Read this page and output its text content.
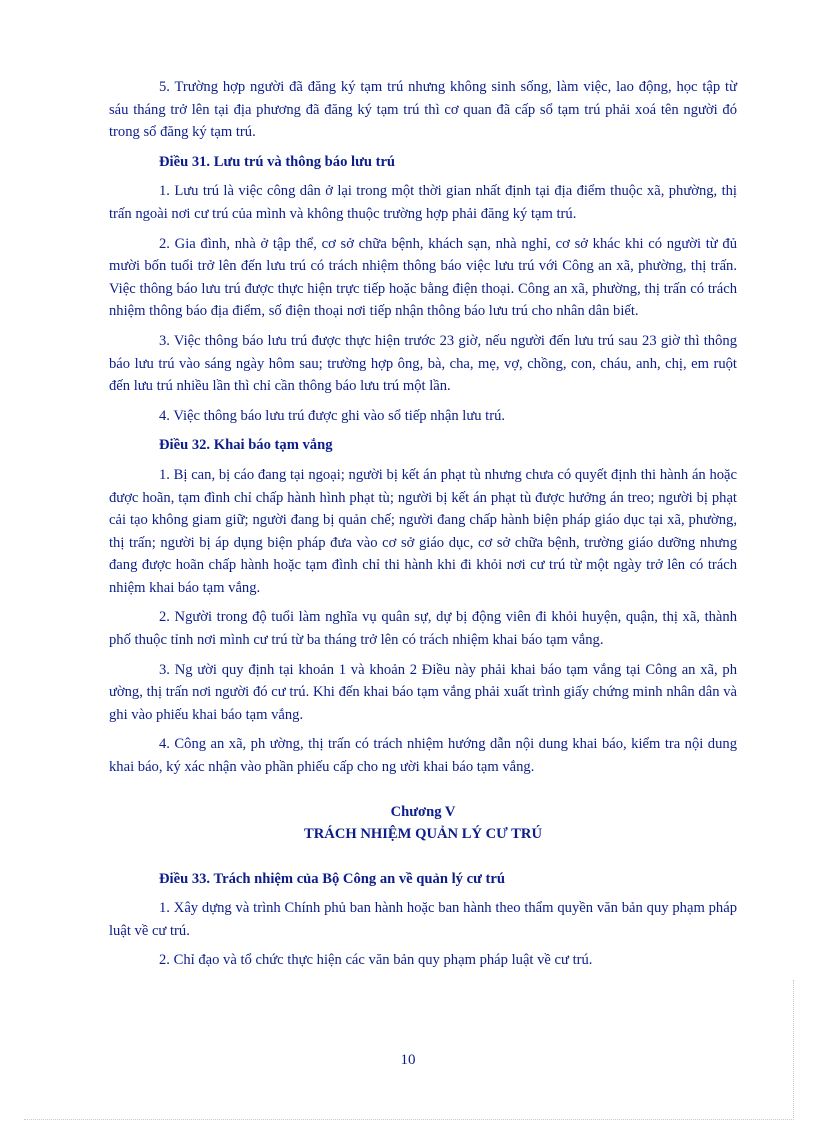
5. Trường hợp người đã đăng ký tạm trú nhưng không sinh sống, làm việc, lao động, học tập từ sáu tháng trở lên tại địa phương đã đăng ký tạm trú thì cơ quan đã cấp sổ tạm trú phải xoá tên người đó trong sổ đăng ký tạm trú.

Điều 31. Lưu trú và thông báo lưu trú

1. Lưu trú là việc công dân ở lại trong một thời gian nhất định tại địa điểm thuộc xã, phường, thị trấn ngoài nơi cư trú của mình và không thuộc trường hợp phải đăng ký tạm trú.

2. Gia đình, nhà ở tập thể, cơ sở chữa bệnh, khách sạn, nhà nghỉ, cơ sở khác khi có người từ đủ mười bốn tuổi trở lên đến lưu trú có trách nhiệm thông báo việc lưu trú với Công an xã, phường, thị trấn. Việc thông báo lưu trú được thực hiện trực tiếp hoặc bằng điện thoại. Công an xã, phường, thị trấn có trách nhiệm thông báo địa điểm, số điện thoại nơi tiếp nhận thông báo lưu trú cho nhân dân biết.

3. Việc thông báo lưu trú được thực hiện trước 23 giờ, nếu người đến lưu trú sau 23 giờ thì thông báo lưu trú vào sáng ngày hôm sau; trường hợp ông, bà, cha, mẹ, vợ, chồng, con, cháu, anh, chị, em ruột đến lưu trú nhiều lần thì chỉ cần thông báo lưu trú một lần.

4. Việc thông báo lưu trú được ghi vào sổ tiếp nhận lưu trú.

Điều 32. Khai báo tạm vắng

1. Bị can, bị cáo đang tại ngoại; người bị kết án phạt tù nhưng chưa có quyết định thi hành án hoặc được hoãn, tạm đình chỉ chấp hành hình phạt tù; người bị kết án phạt tù được hưởng án treo; người bị phạt cải tạo không giam giữ; người đang bị quản chế; người đang chấp hành biện pháp giáo dục tại xã, phường, thị trấn; người bị áp dụng biện pháp đưa vào cơ sở giáo dục, cơ sở chữa bệnh, trường giáo dưỡng nhưng đang được hoãn chấp hành hoặc tạm đình chỉ thi hành khi đi khỏi nơi cư trú từ một ngày trở lên có trách nhiệm khai báo tạm vắng.

2. Người trong độ tuổi làm nghĩa vụ quân sự, dự bị động viên đi khỏi huyện, quận, thị xã, thành phố thuộc tỉnh nơi mình cư trú từ ba tháng trở lên có trách nhiệm khai báo tạm vắng.

3. Ng ười quy định tại khoản 1 và khoản 2 Điều này phải khai báo tạm vắng tại Công an xã, ph ường, thị trấn nơi người đó cư trú. Khi đến khai báo tạm vắng phải xuất trình giấy chứng minh nhân dân và ghi vào phiếu khai báo tạm vắng.

4. Công an xã, ph ường, thị trấn có trách nhiệm hướng dẫn nội dung khai báo, kiểm tra nội dung khai báo, ký xác nhận vào phần phiếu cấp cho ng ười khai báo tạm vắng.

Chương V

TRÁCH NHIỆM QUẢN LÝ CƯ TRÚ

Điều 33. Trách nhiệm của Bộ Công an về quản lý cư trú

1. Xây dựng và trình Chính phủ ban hành hoặc ban hành theo thẩm quyền văn bản quy phạm pháp luật về cư trú.

2. Chỉ đạo và tổ chức thực hiện các văn bản quy phạm pháp luật về cư trú.

10
